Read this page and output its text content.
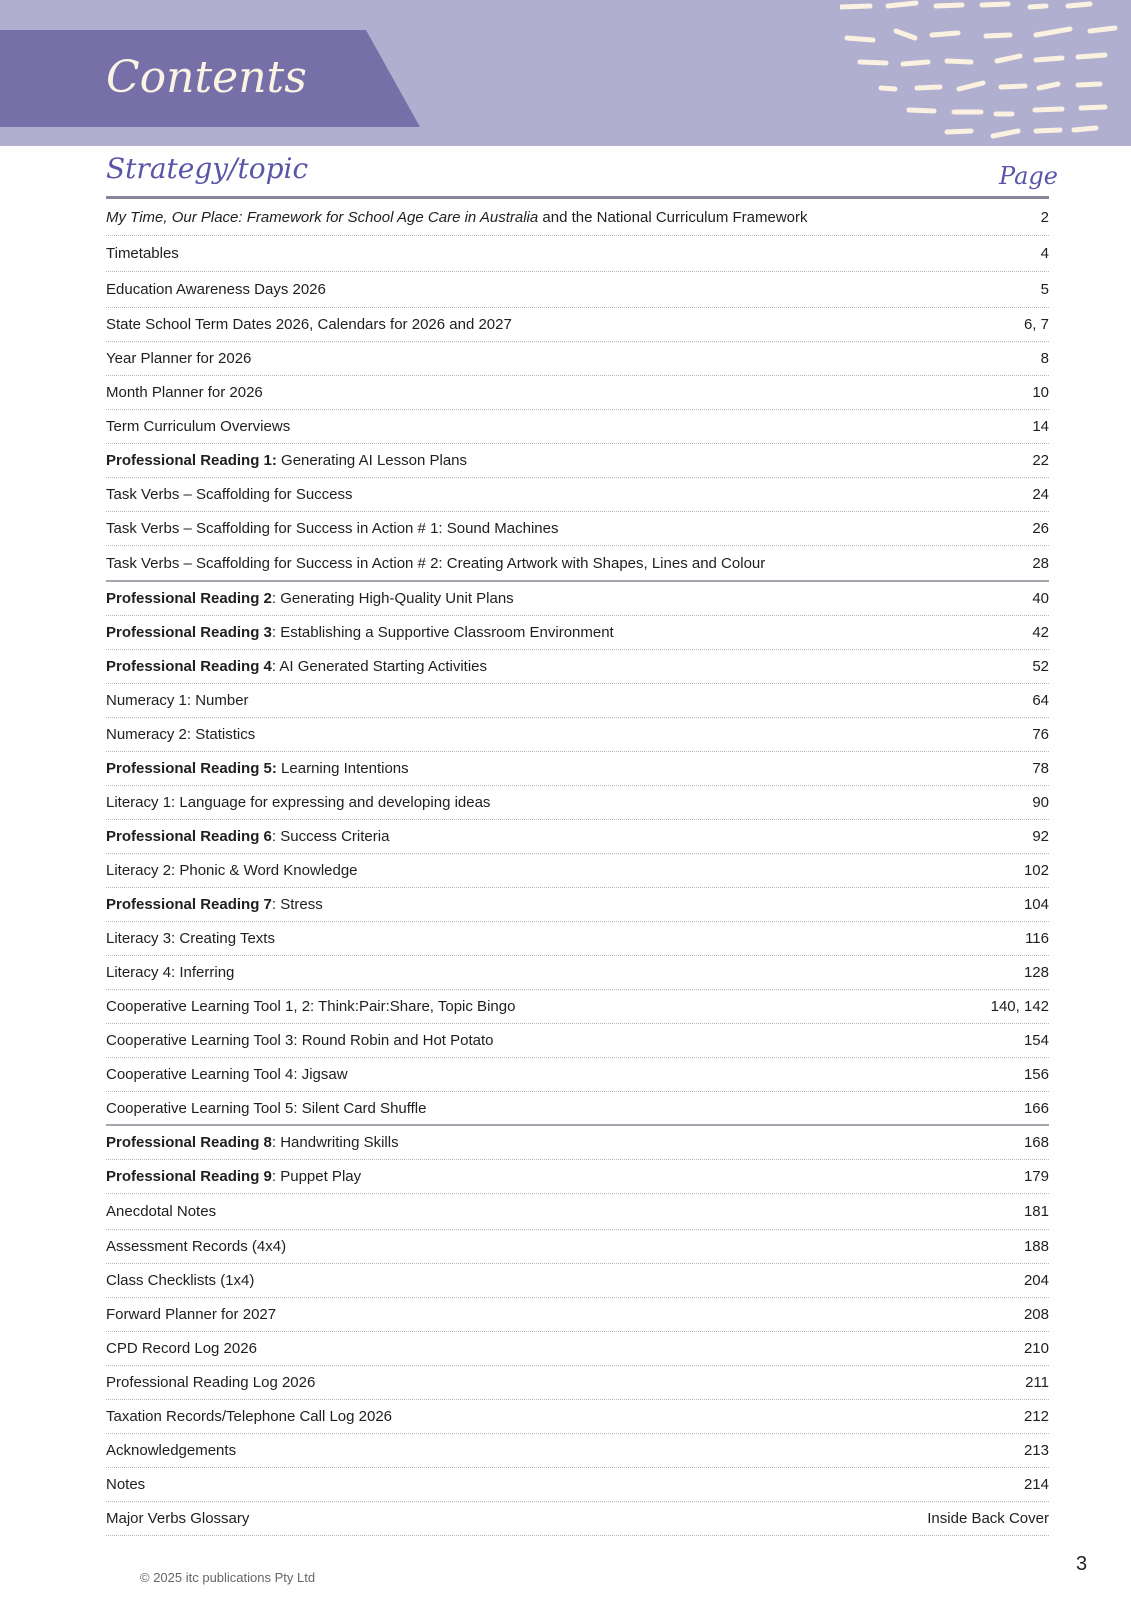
Contents
Strategy/topic	Page
My Time, Our Place: Framework for School Age Care in Australia and the National Curriculum Framework	2
Timetables	4
Education Awareness Days 2026	5
State School Term Dates 2026, Calendars for 2026 and 2027	6, 7
Year Planner for 2026	8
Month Planner for 2026	10
Term Curriculum Overviews	14
Professional Reading 1: Generating AI Lesson Plans	22
Task Verbs – Scaffolding for Success	24
Task Verbs – Scaffolding for Success in Action # 1: Sound Machines	26
Task Verbs – Scaffolding for Success in Action # 2: Creating Artwork with Shapes, Lines and Colour	28
Professional Reading 2: Generating High-Quality Unit Plans	40
Professional Reading 3: Establishing a Supportive Classroom Environment	42
Professional Reading 4: AI Generated Starting Activities	52
Numeracy 1: Number	64
Numeracy 2: Statistics	76
Professional Reading 5: Learning Intentions	78
Literacy 1: Language for expressing and developing ideas	90
Professional Reading 6: Success Criteria	92
Literacy 2: Phonic & Word Knowledge	102
Professional Reading 7: Stress	104
Literacy 3: Creating Texts	116
Literacy 4: Inferring	128
Cooperative Learning Tool 1, 2: Think:Pair:Share, Topic Bingo	140, 142
Cooperative Learning Tool 3: Round Robin and Hot Potato	154
Cooperative Learning Tool 4: Jigsaw	156
Cooperative Learning Tool 5: Silent Card Shuffle	166
Professional Reading 8: Handwriting Skills	168
Professional Reading 9: Puppet Play	179
Anecdotal Notes	181
Assessment Records (4x4)	188
Class Checklists (1x4)	204
Forward Planner for 2027	208
CPD Record Log 2026	210
Professional Reading Log 2026	211
Taxation Records/Telephone Call Log 2026	212
Acknowledgements	213
Notes	214
Major Verbs Glossary	Inside Back Cover
© 2025 itc publications Pty Ltd
3
